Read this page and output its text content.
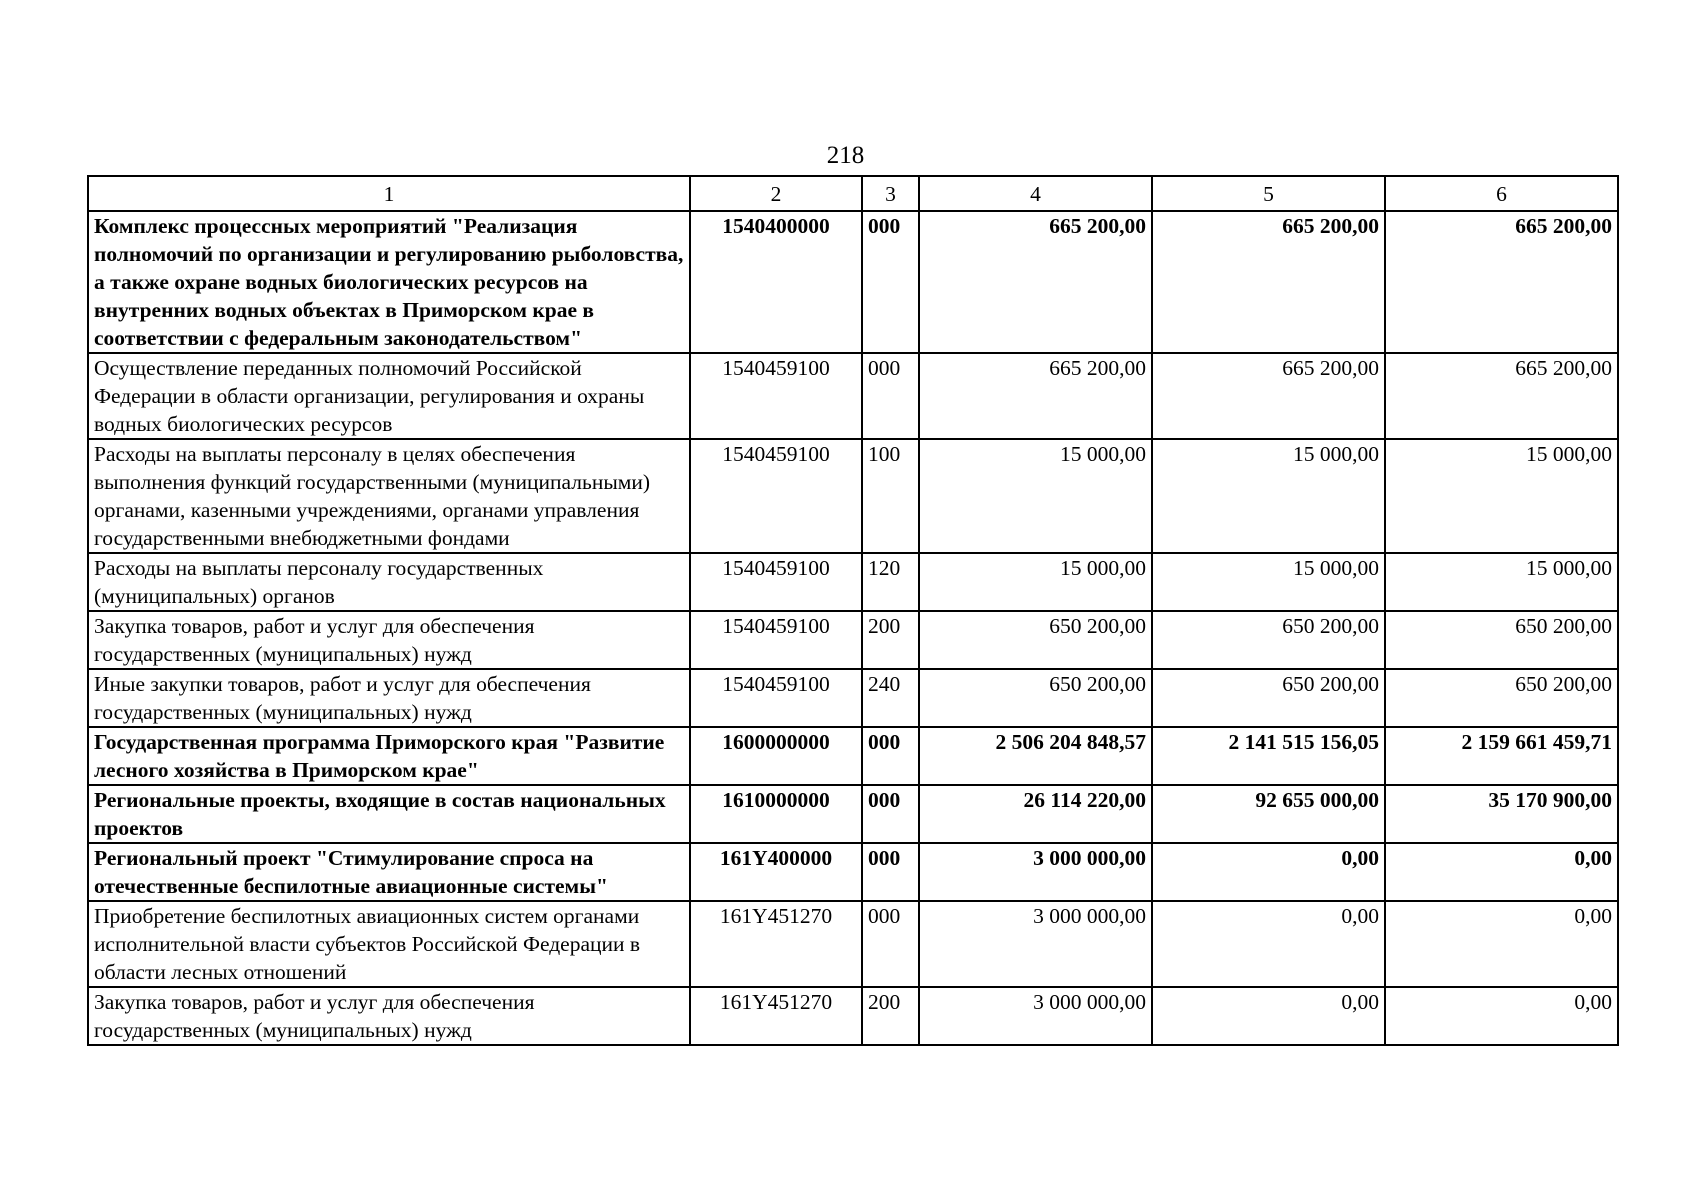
218
1	2	3	4	5	6
Комплекс процессных мероприятий "Реализация полномочий по организации и регулированию рыболовства, а также охране водных биологических ресурсов на внутренних водных объектах в Приморском крае в соответствии с федеральным законодательством"	1540400000	000	665 200,00	665 200,00	665 200,00
Осуществление переданных полномочий Российской Федерации в области организации, регулирования и охраны водных биологических ресурсов	1540459100	000	665 200,00	665 200,00	665 200,00
Расходы на выплаты персоналу в целях обеспечения выполнения функций государственными (муниципальными) органами, казенными учреждениями, органами управления государственными внебюджетными фондами	1540459100	100	15 000,00	15 000,00	15 000,00
Расходы на выплаты персоналу государственных (муниципальных) органов	1540459100	120	15 000,00	15 000,00	15 000,00
Закупка товаров, работ и услуг для обеспечения государственных (муниципальных) нужд	1540459100	200	650 200,00	650 200,00	650 200,00
Иные закупки товаров, работ и услуг для обеспечения государственных (муниципальных) нужд	1540459100	240	650 200,00	650 200,00	650 200,00
Государственная программа Приморского края "Развитие лесного хозяйства в Приморском крае"	1600000000	000	2 506 204 848,57	2 141 515 156,05	2 159 661 459,71
Региональные проекты, входящие в состав национальных проектов	1610000000	000	26 114 220,00	92 655 000,00	35 170 900,00
Региональный проект "Стимулирование спроса на отечественные беспилотные авиационные системы"	161Y400000	000	3 000 000,00	0,00	0,00
Приобретение беспилотных авиационных систем органами исполнительной власти субъектов Российской Федерации в области лесных отношений	161Y451270	000	3 000 000,00	0,00	0,00
Закупка товаров, работ и услуг для обеспечения государственных (муниципальных) нужд	161Y451270	200	3 000 000,00	0,00	0,00
